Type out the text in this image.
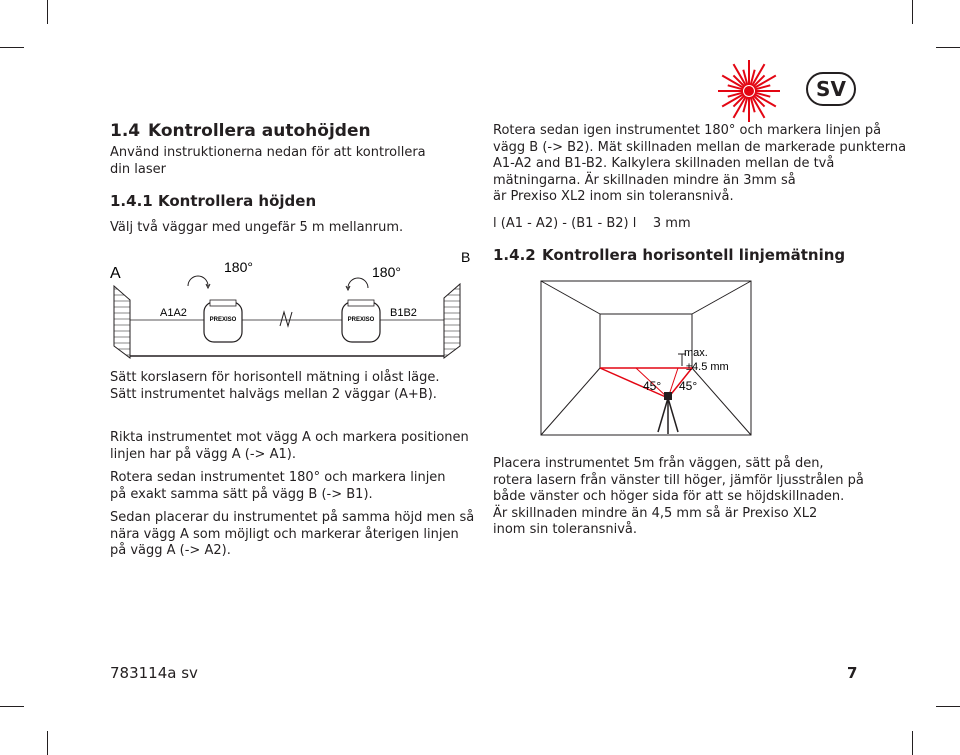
SV
1.4 Kontrollera autohöjden
Använd instruktionerna nedan för att kontrollera
din laser
1.4.1 Kontrollera höjden
Välj två väggar med ungefär 5 m mellanrum.
PREXISO	PREXISO
A
B
180°	180°
A1A2	B1B2
Sätt korslasern för horisontell mätning i olåst läge.
Sätt instrumentet halvägs mellan 2 väggar (A+B).
Rikta instrumentet mot vägg A och markera positionen
linjen har på vägg A (-> A1).
Rotera sedan instrumentet 180° och markera linjen
på exakt samma sätt på vägg B (-> B1).
Sedan placerar du instrumentet på samma höjd men så
nära vägg A som möjligt och markerar återigen linjen
på vägg A (-> A2).
Rotera sedan igen instrumentet 180° och markera linjen på
vägg B (-> B2). Mät skillnaden mellan de markerade punkterna
A1-A2 and B1-B2. Kalkylera skillnaden mellan de två
mätningarna. Är skillnaden mindre än 3mm så
är Prexiso XL2 inom sin toleransnivå.
l (A1 - A2) - (B1 - B2) l    3 mm
1.4.2 Kontrollera horisontell linjemätning
max.
±4.5 mm
45° 45°
Placera instrumentet 5m från väggen, sätt på den,
rotera lasern från vänster till höger, jämför ljusstrålen på
både vänster och höger sida för att se höjdskillnaden.
Är skillnaden mindre än 4,5 mm så är Prexiso XL2
inom sin toleransnivå.
783114a sv	7
